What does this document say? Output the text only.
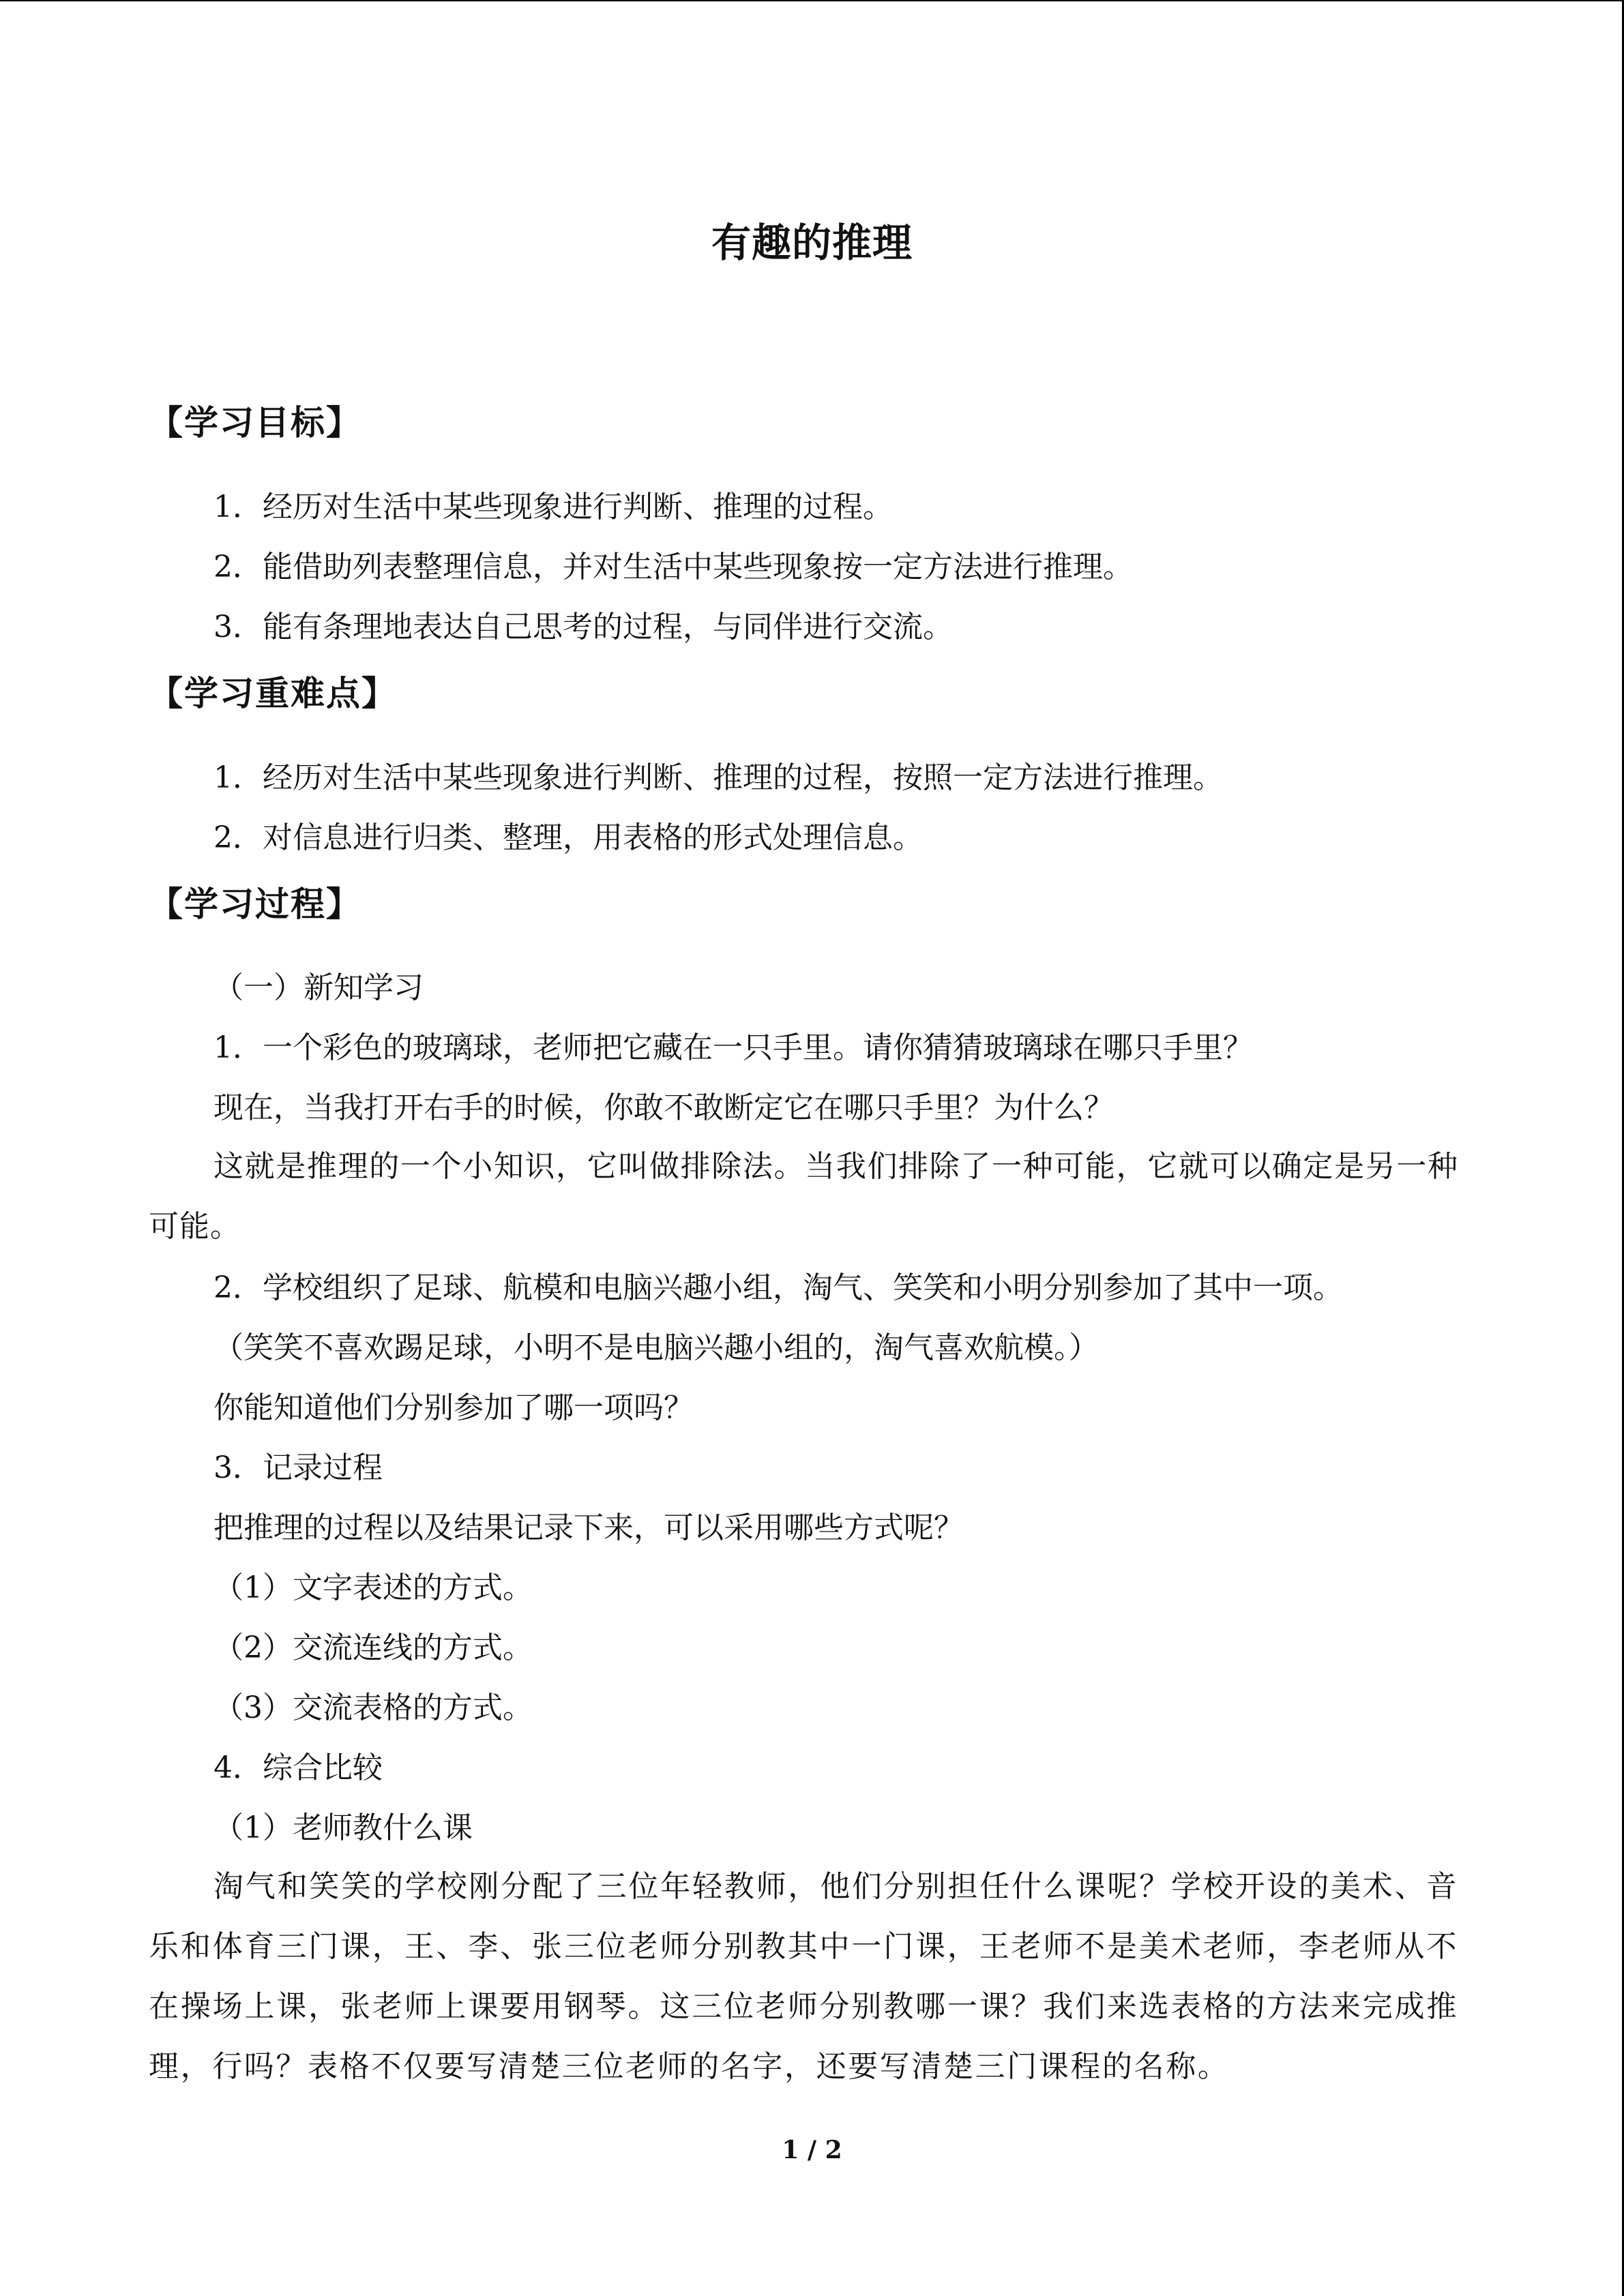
有趣的推理
【学习目标】
1．经历对生活中某些现象进行判断、推理的过程。
2．能借助列表整理信息，并对生活中某些现象按一定方法进行推理。
3．能有条理地表达自己思考的过程，与同伴进行交流。
【学习重难点】
1．经历对生活中某些现象进行判断、推理的过程，按照一定方法进行推理。
2．对信息进行归类、整理，用表格的形式处理信息。
【学习过程】
（一）新知学习
1．一个彩色的玻璃球，老师把它藏在一只手里。请你猜猜玻璃球在哪只手里？
现在，当我打开右手的时候，你敢不敢断定它在哪只手里？为什么？
这就是推理的一个小知识，它叫做排除法。当我们排除了一种可能，它就可以确定是另一种可能。
2．学校组织了足球、航模和电脑兴趣小组，淘气、笑笑和小明分别参加了其中一项。
（笑笑不喜欢踢足球，小明不是电脑兴趣小组的，淘气喜欢航模。）
你能知道他们分别参加了哪一项吗？
3．记录过程
把推理的过程以及结果记录下来，可以采用哪些方式呢？
（1）文字表述的方式。
（2）交流连线的方式。
（3）交流表格的方式。
4．综合比较
（1）老师教什么课
淘气和笑笑的学校刚分配了三位年轻教师，他们分别担任什么课呢？学校开设的美术、音乐和体育三门课，王、李、张三位老师分别教其中一门课，王老师不是美术老师，李老师从不在操场上课，张老师上课要用钢琴。这三位老师分别教哪一课？我们来选表格的方法来完成推理，行吗？表格不仅要写清楚三位老师的名字，还要写清楚三门课程的名称。
1 / 2
